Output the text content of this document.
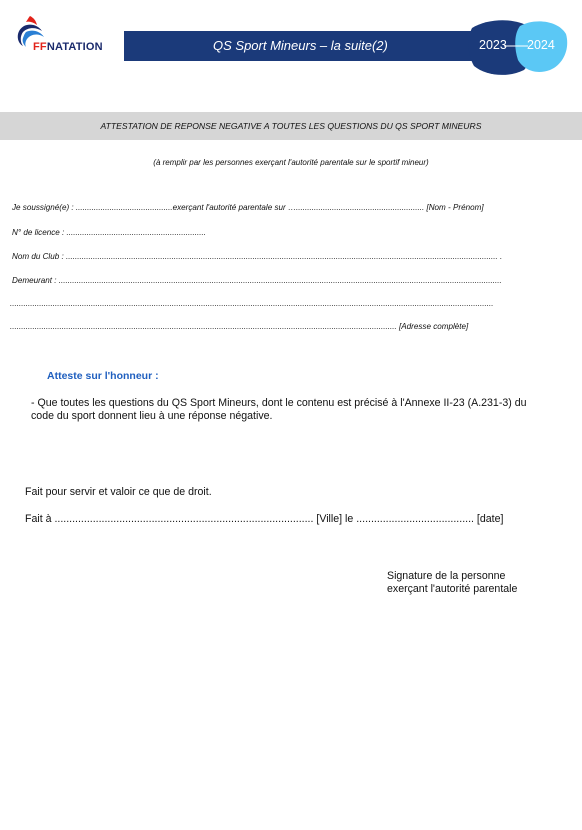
FFNATATION	QS Sport Mineurs – la suite(2)	2023 2024
ATTESTATION DE REPONSE NEGATIVE A TOUTES LES QUESTIONS DU QS SPORT MINEURS
(à remplir par les personnes exerçant l'autorité parentale sur le sportif mineur)
Je soussigné(e) : ...........................................exerçant l'autorité parentale sur …......................................................... [Nom - Prénom]
N° de licence : ..............................................................
Nom du Club : ................................................................................................................................................................................................ .
Demeurant : .....................................................................................................................................................................................................
.......................................................................................................................................................................................................................
............................................................................................................................................................................ [Adresse complète]
Atteste sur l'honneur :
- Que toutes les questions du QS Sport Mineurs, dont le contenu est précisé à l'Annexe II-23 (A.231-3) du code du sport donnent lieu à une réponse négative.
Fait pour servir et valoir ce que de droit.
Fait à ........................................................................................ [Ville] le ........................................ [date]
Signature de la personne
exerçant l'autorité parentale
